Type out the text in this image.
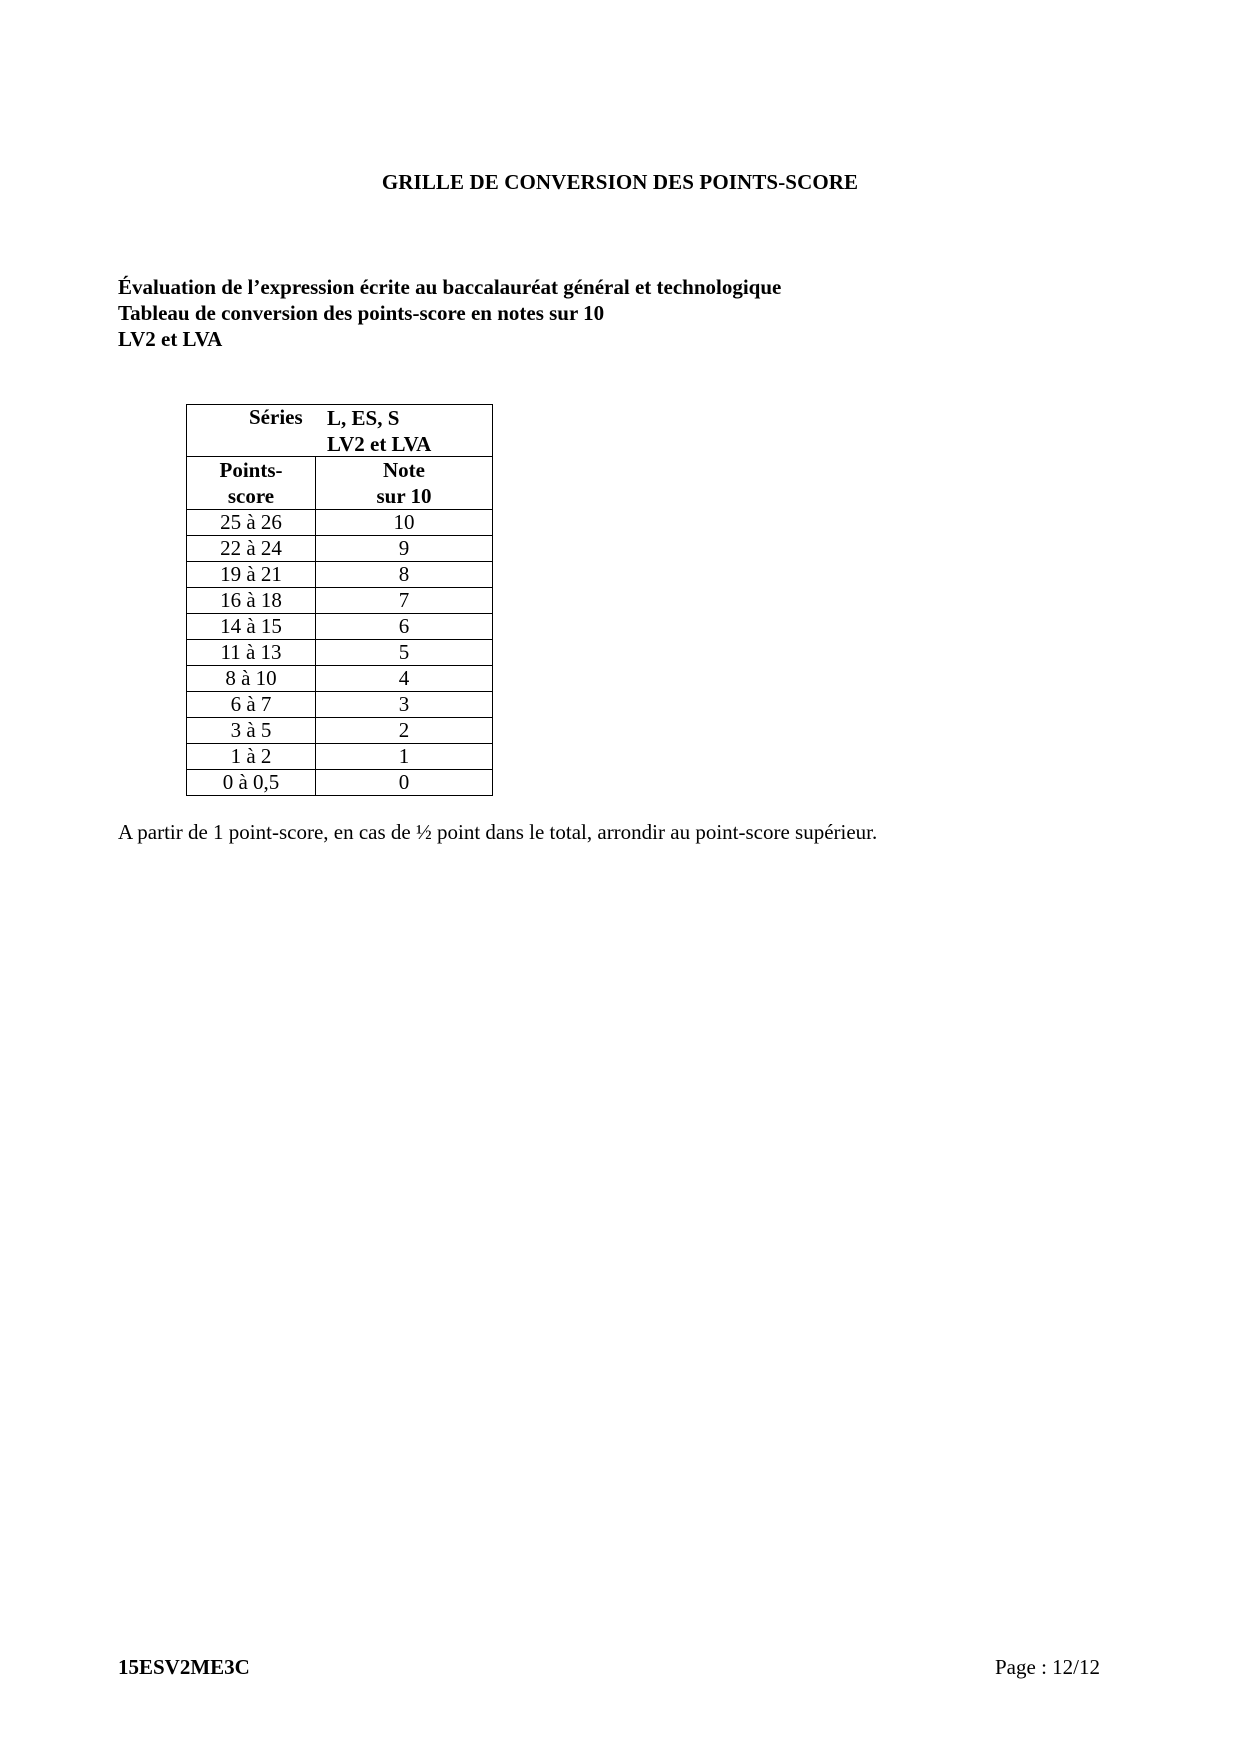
GRILLE DE CONVERSION DES POINTS-SCORE
Évaluation de l’expression écrite au baccalauréat général et technologique
Tableau de conversion des points-score en notes sur 10
LV2 et LVA
Séries L, ES, S
LV2 et LVA	

Points-
score	Note
sur 10

25 à 26	10
22 à 24	9
19 à 21	8
16 à 18	7
14 à 15	6
11 à 13	5
8 à 10	4
6 à 7	3
3 à 5	2
1 à 2	1
0 à 0,5	0
A partir de 1 point-score, en cas de ½ point dans le total, arrondir au point-score supérieur.
15ESV2ME3C	Page : 12/12
